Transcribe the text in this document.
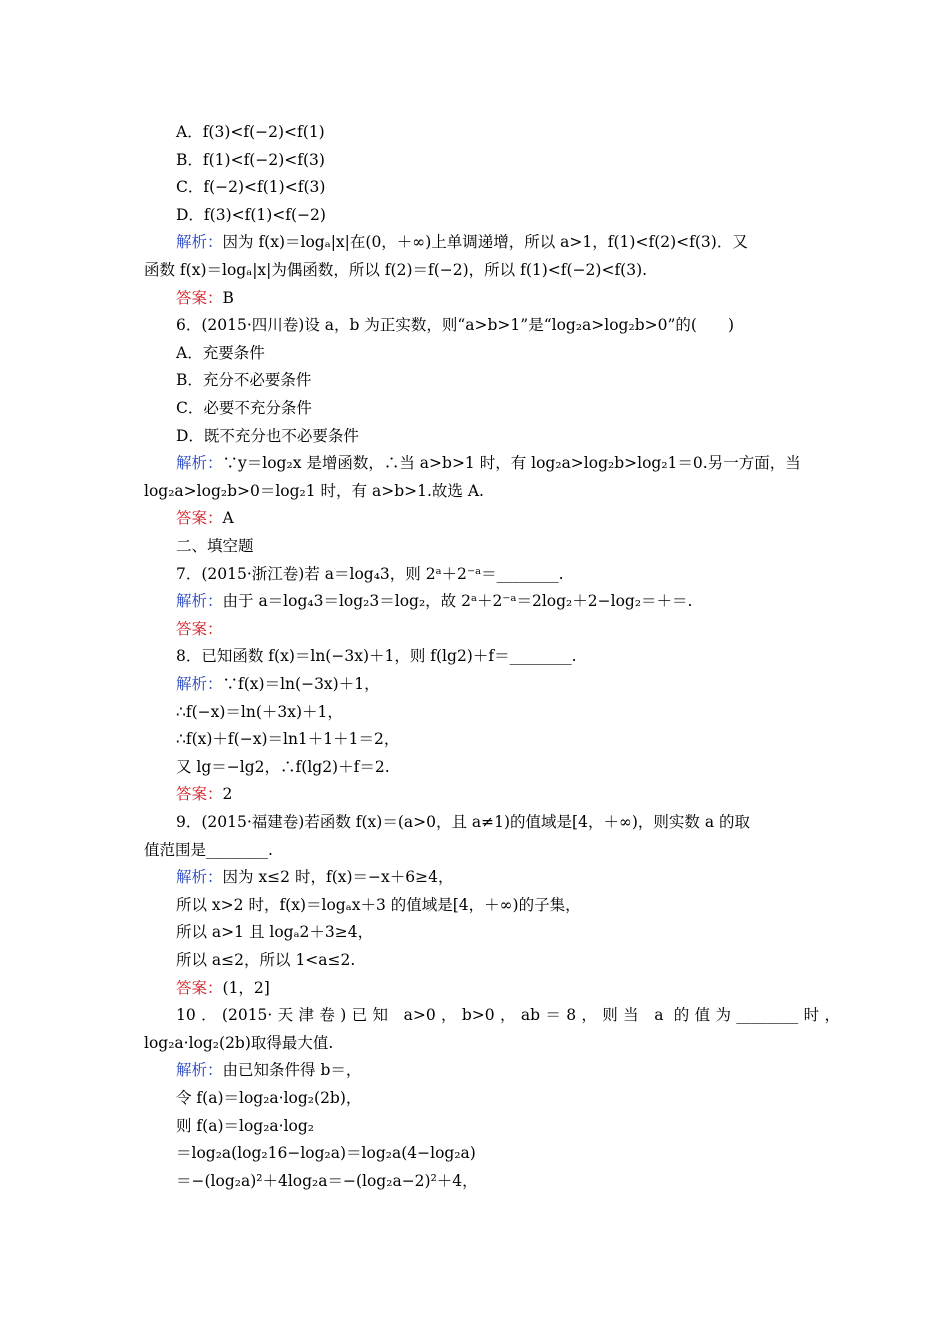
A．f(3)<f(−2)<f(1)
B．f(1)<f(−2)<f(3)
C．f(−2)<f(1)<f(3)
D．f(3)<f(1)<f(−2)
解析：因为 f(x)＝logₐ|x|在(0，＋∞)上单调递增，所以 a>1，f(1)<f(2)<f(3)．又
函数 f(x)＝logₐ|x|为偶函数，所以 f(2)＝f(−2)，所以 f(1)<f(−2)<f(3).
答案：B
6．(2015·四川卷)设 a，b 为正实数，则“a>b>1”是“log₂a>log₂b>0”的(　　)
A．充要条件
B．充分不必要条件
C．必要不充分条件
D．既不充分也不必要条件
解析：∵y＝log₂x 是增函数，∴当 a>b>1 时，有 log₂a>log₂b>log₂1＝0.另一方面，当
log₂a>log₂b>0＝log₂1 时，有 a>b>1.故选 A.
答案：A
二、填空题
7．(2015·浙江卷)若 a＝log₄3，则 2ᵃ＋2⁻ᵃ＝________.
解析：由于 a＝log₄3＝log₂3＝log₂，故 2ᵃ＋2⁻ᵃ＝2log₂＋2−log₂＝＋＝.
答案：
8．已知函数 f(x)＝ln(−3x)＋1，则 f(lg2)＋f＝________.
解析：∵f(x)＝ln(−3x)＋1，
∴f(−x)＝ln(＋3x)＋1，
∴f(x)＋f(−x)＝ln1＋1＋1＝2，
又 lg＝−lg2，∴f(lg2)＋f＝2.
答案：2
9．(2015·福建卷)若函数 f(x)＝(a>0，且 a≠1)的值域是[4，＋∞)，则实数 a 的取
值范围是________.
解析：因为 x≤2 时，f(x)＝−x＋6≥4，
所以 x>2 时，f(x)＝logₐx＋3 的值域是[4，＋∞)的子集，
所以 a>1 且 logₐ2＋3≥4，
所以 a≤2，所以 1<a≤2.
答案：(1，2]
10．(2015·天津卷)已知 a>0，b>0，ab＝8，则当 a 的值为________时，
log₂a·log₂(2b)取得最大值.
解析：由已知条件得 b＝，
令 f(a)＝log₂a·log₂(2b)，
则 f(a)＝log₂a·log₂
＝log₂a(log₂16−log₂a)＝log₂a(4−log₂a)
＝−(log₂a)²＋4log₂a＝−(log₂a−2)²＋4，
